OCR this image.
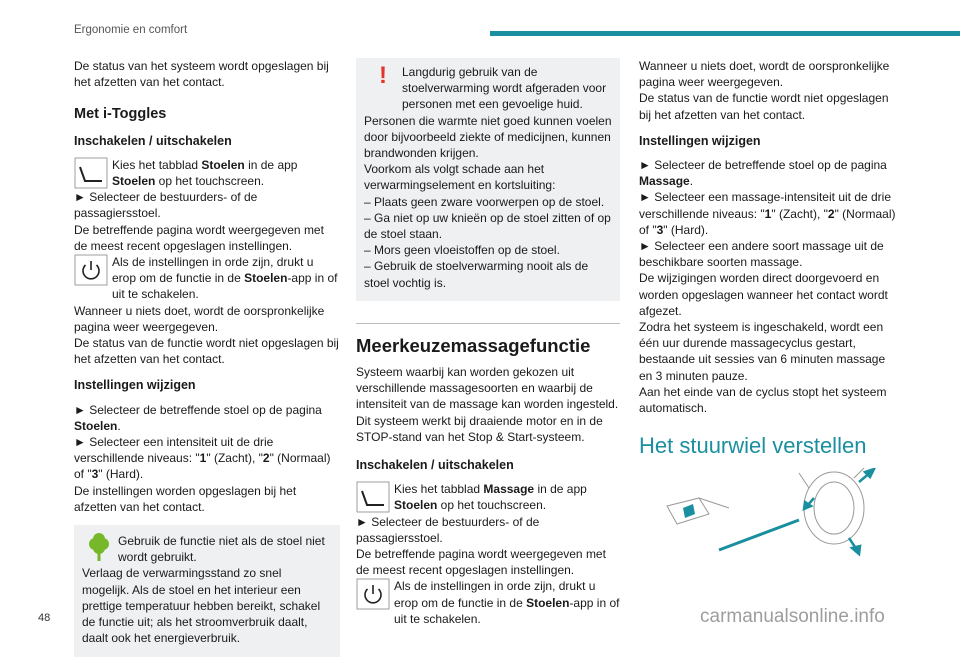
Ergonomie en comfort

De status van het systeem wordt opgeslagen bij het afzetten van het contact.

Met i-Toggles
Inschakelen / uitschakelen
Kies het tabblad Stoelen in de app Stoelen op het touchscreen.

► Selecteer de bestuurders- of de passagiersstoel.

De betreffende pagina wordt weergegeven met de meest recent opgeslagen instellingen.

Als de instellingen in orde zijn, drukt u erop om de functie in de Stoelen-app in of uit te schakelen.

Wanneer u niets doet, wordt de oorspronkelijke pagina weer weergegeven.

De status van de functie wordt niet opgeslagen bij het afzetten van het contact.

Instellingen wijzigen

► Selecteer de betreffende stoel op de pagina Stoelen.

► Selecteer een intensiteit uit de drie verschillende niveaus: "1" (Zacht), "2" (Normaal) of "3" (Hard).

De instellingen worden opgeslagen bij het afzetten van het contact.

Gebruik de functie niet als de stoel niet wordt gebruikt.

Verlaag de verwarmingsstand zo snel mogelijk. Als de stoel en het interieur een prettige temperatuur hebben bereikt, schakel de functie uit; als het stroomverbruik daalt, daalt ook het energieverbruik.

!	Langdurig gebruik van de stoelverwarming wordt afgeraden voor personen met een gevoelige huid.

Personen die warmte niet goed kunnen voelen door bijvoorbeeld ziekte of medicijnen, kunnen brandwonden krijgen.

Voorkom als volgt schade aan het verwarmingselement en kortsluiting:

– Plaats geen zware voorwerpen op de stoel.

– Ga niet op uw knieën op de stoel zitten of op de stoel staan.

– Mors geen vloeistoffen op de stoel.

– Gebruik de stoelverwarming nooit als de stoel vochtig is.

Meerkeuzemassagefunctie

Systeem waarbij kan worden gekozen uit verschillende massagesoorten en waarbij de intensiteit van de massage kan worden ingesteld.

Dit systeem werkt bij draaiende motor en in de STOP-stand van het Stop & Start-systeem.

Inschakelen / uitschakelen
Kies het tabblad Massage in de app Stoelen op het touchscreen.

► Selecteer de bestuurders- of de passagiersstoel.

De betreffende pagina wordt weergegeven met de meest recent opgeslagen instellingen.

Als de instellingen in orde zijn, drukt u erop om de functie in de Stoelen-app in of uit te schakelen.

Wanneer u niets doet, wordt de oorspronkelijke pagina weer weergegeven.

De status van de functie wordt niet opgeslagen bij het afzetten van het contact.

Instellingen wijzigen

► Selecteer de betreffende stoel op de pagina Massage.

► Selecteer een massage-intensiteit uit de drie verschillende niveaus: "1" (Zacht), "2" (Normaal) of "3" (Hard).

► Selecteer een andere soort massage uit de beschikbare soorten massage.

De wijzigingen worden direct doorgevoerd en worden opgeslagen wanneer het contact wordt afgezet.

Zodra het systeem is ingeschakeld, wordt een één uur durende massagecyclus gestart, bestaande uit sessies van 6 minuten massage en 3 minuten pauze.

Aan het einde van de cyclus stopt het systeem automatisch.

Het stuurwiel verstellen
48	carmanualsonline.info
